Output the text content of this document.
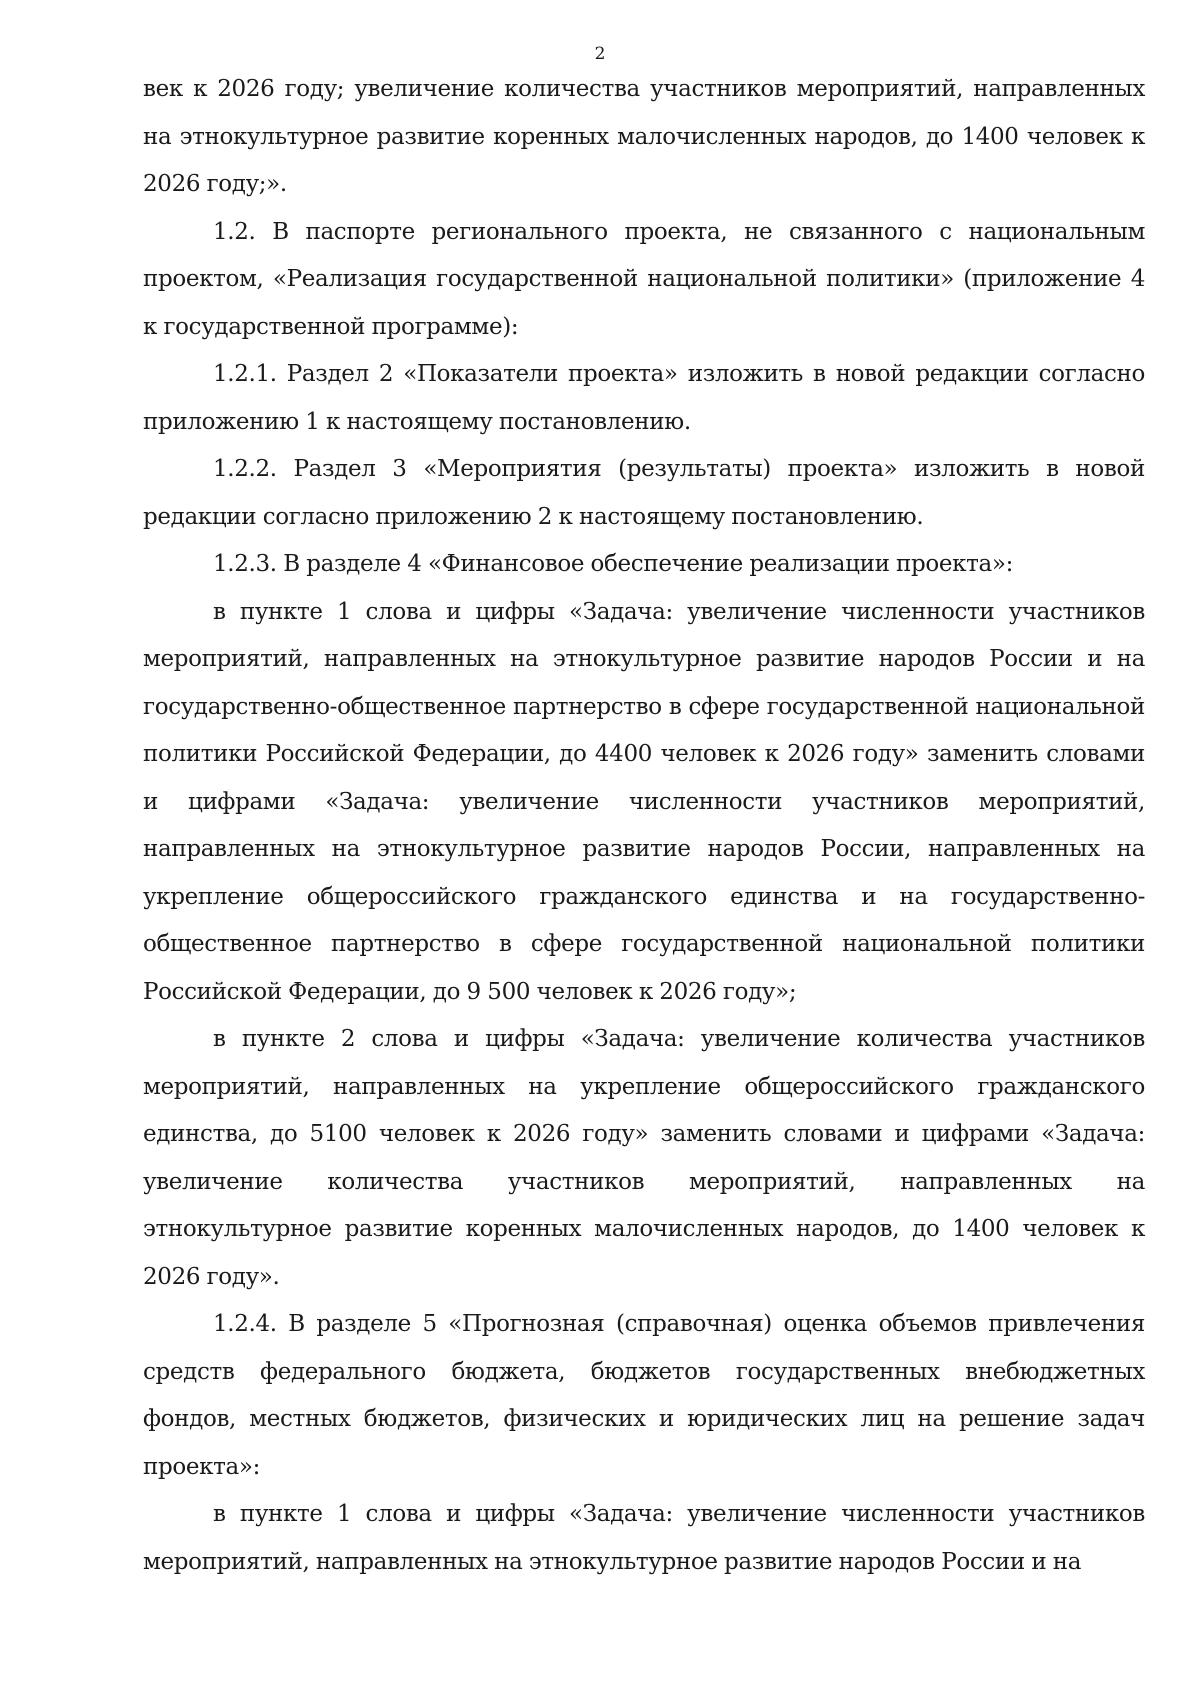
2

век к 2026 году; увеличение количества участников мероприятий, направленных на этнокультурное развитие коренных малочисленных народов, до 1400 человек к 2026 году;».

1.2. В паспорте регионального проекта, не связанного с национальным проектом, «Реализация государственной национальной политики» (приложение 4 к государственной программе):

1.2.1. Раздел 2 «Показатели проекта» изложить в новой редакции согласно приложению 1 к настоящему постановлению.

1.2.2. Раздел 3 «Мероприятия (результаты) проекта» изложить в новой редакции согласно приложению 2 к настоящему постановлению.

1.2.3. В разделе 4 «Финансовое обеспечение реализации проекта»:

в пункте 1 слова и цифры «Задача: увеличение численности участников мероприятий, направленных на этнокультурное развитие народов России и на государственно-общественное партнерство в сфере государственной национальной политики Российской Федерации, до 4400 человек к 2026 году» заменить словами и цифрами «Задача: увеличение численности участников мероприятий, направленных на этнокультурное развитие народов России, направленных на укрепление общероссийского гражданского единства и на государственно-общественное партнерство в сфере государственной национальной политики Российской Федерации, до 9 500 человек к 2026 году»;

в пункте 2 слова и цифры «Задача: увеличение количества участников мероприятий, направленных на укрепление общероссийского гражданского единства, до 5100 человек к 2026 году» заменить словами и цифрами «Задача: увеличение количества участников мероприятий, направленных на этнокультурное развитие коренных малочисленных народов, до 1400 человек к 2026 году».

1.2.4. В разделе 5 «Прогнозная (справочная) оценка объемов привлечения средств федерального бюджета, бюджетов государственных внебюджетных фондов, местных бюджетов, физических и юридических лиц на решение задач проекта»:

в пункте 1 слова и цифры «Задача: увеличение численности участников мероприятий, направленных на этнокультурное развитие народов России и на
